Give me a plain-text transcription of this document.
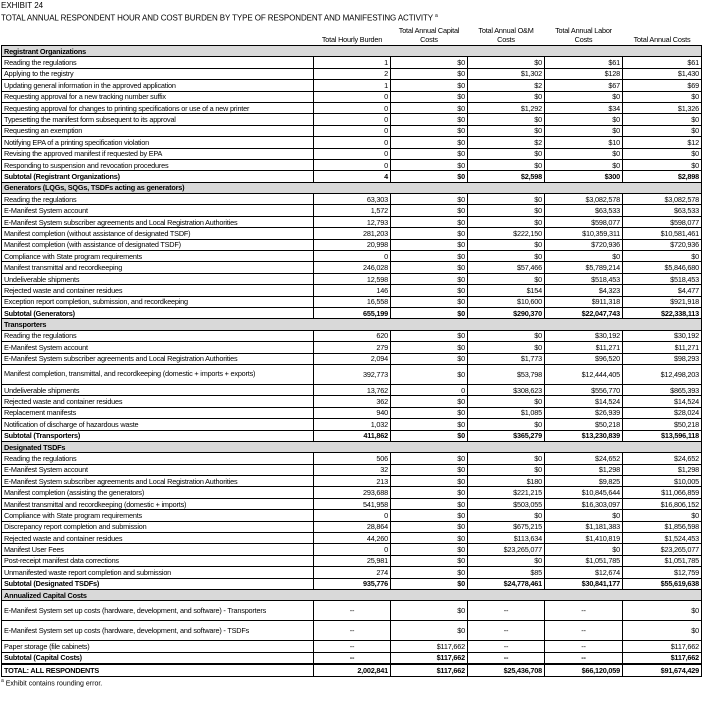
EXHIBIT 24
TOTAL ANNUAL RESPONDENT HOUR AND COST BURDEN BY TYPE OF RESPONDENT AND MANIFESTING ACTIVITY $^a$
	Total Hourly Burden	Total Annual Capital Costs	Total Annual O&M Costs	Total Annual Labor Costs	Total Annual Costs
Registrant Organizations					
Reading the regulations	1	$0	$0	$61	$61
Applying to the registry	2	$0	$1,302	$128	$1,430
Updating general information in the approved application	1	$0	$2	$67	$69
Requesting approval for a new tracking number suffix	0	$0	$0	$0	$0
Requesting approval for changes to printing specifications or use of a new printer	0	$0	$1,292	$34	$1,326
Typesetting the manifest form subsequent to its approval	0	$0	$0	$0	$0
Requesting an exemption	0	$0	$0	$0	$0
Notifying EPA of a printing specification violation	0	$0	$2	$10	$12
Revising the approved manifest if requested by EPA	0	$0	$0	$0	$0
Responding to suspension and revocation procedures	0	$0	$0	$0	$0
Subtotal (Registrant Organizations)	4	$0	$2,598	$300	$2,898
Generators (LQGs, SQGs, TSDFs acting as generators)					
Reading the regulations	63,303	$0	$0	$3,082,578	$3,082,578
E-Manifest System account	1,572	$0	$0	$63,533	$63,533
E-Manifest System subscriber agreements and Local Registration Authorities	12,793	$0	$0	$598,077	$598,077
Manifest completion (without assistance of designated TSDF)	281,203	$0	$222,150	$10,359,311	$10,581,461
Manifest completion (with assistance of designated TSDF)	20,998	$0	$0	$720,936	$720,936
Compliance with State program requirements	0	$0	$0	$0	$0
Manifest transmittal and recordkeeping	246,028	$0	$57,466	$5,789,214	$5,846,680
Undeliverable shipments	12,598	$0	$0	$518,453	$518,453
Rejected waste and container residues	146	$0	$154	$4,323	$4,477
Exception report completion, submission, and recordkeeping	16,558	$0	$10,600	$911,318	$921,918
Subtotal (Generators)	655,199	$0	$290,370	$22,047,743	$22,338,113
Transporters					
Reading the regulations	620	$0	$0	$30,192	$30,192
E-Manifest System account	279	$0	$0	$11,271	$11,271
E-Manifest System subscriber agreements and Local Registration Authorities	2,094	$0	$1,773	$96,520	$98,293
Manifest completion, transmittal, and recordkeeping (domestic + imports + exports)	392,773	$0	$53,798	$12,444,405	$12,498,203
Undeliverable shipments	13,762	0	$308,623	$556,770	$865,393
Rejected waste and container residues	362	$0	$0	$14,524	$14,524
Replacement manifests	940	$0	$1,085	$26,939	$28,024
Notification of discharge of hazardous waste	1,032	$0	$0	$50,218	$50,218
Subtotal (Transporters)	411,862	$0	$365,279	$13,230,839	$13,596,118
Designated TSDFs					
Reading the regulations	506	$0	$0	$24,652	$24,652
E-Manifest System account	32	$0	$0	$1,298	$1,298
E-Manifest System subscriber agreements and Local Registration Authorities	213	$0	$180	$9,825	$10,005
Manifest completion (assisting the generators)	293,688	$0	$221,215	$10,845,644	$11,066,859
Manifest transmittal and recordkeeping (domestic + imports)	541,958	$0	$503,055	$16,303,097	$16,806,152
Compliance with State program requirements	0	$0	$0	$0	$0
Discrepancy report completion and submission	28,864	$0	$675,215	$1,181,383	$1,856,598
Rejected waste and container residues	44,260	$0	$113,634	$1,410,819	$1,524,453
Manifest User Fees	0	$0	$23,265,077	$0	$23,265,077
Post-receipt manifest data corrections	25,981	$0	$0	$1,051,785	$1,051,785
Unmanifested waste report completion and submission	274	$0	$85	$12,674	$12,759
Subtotal (Designated TSDFs)	935,776	$0	$24,778,461	$30,841,177	$55,619,638
Annualized Capital Costs					
E-Manifest System set up costs (hardware, development, and software) - Transporters	--	$0	--	--	$0
E-Manifest System set up costs (hardware, development, and software) - TSDFs	--	$0	--	--	$0
Paper storage (file cabinets)	--	$117,662	--	--	$117,662
Subtotal (Capital Costs)	--	$117,662	--	--	$117,662
TOTAL: ALL RESPONDENTS	2,002,841	$117,662	$25,436,708	$66,120,059	$91,674,429
$^a$ Exhibit contains rounding error.
